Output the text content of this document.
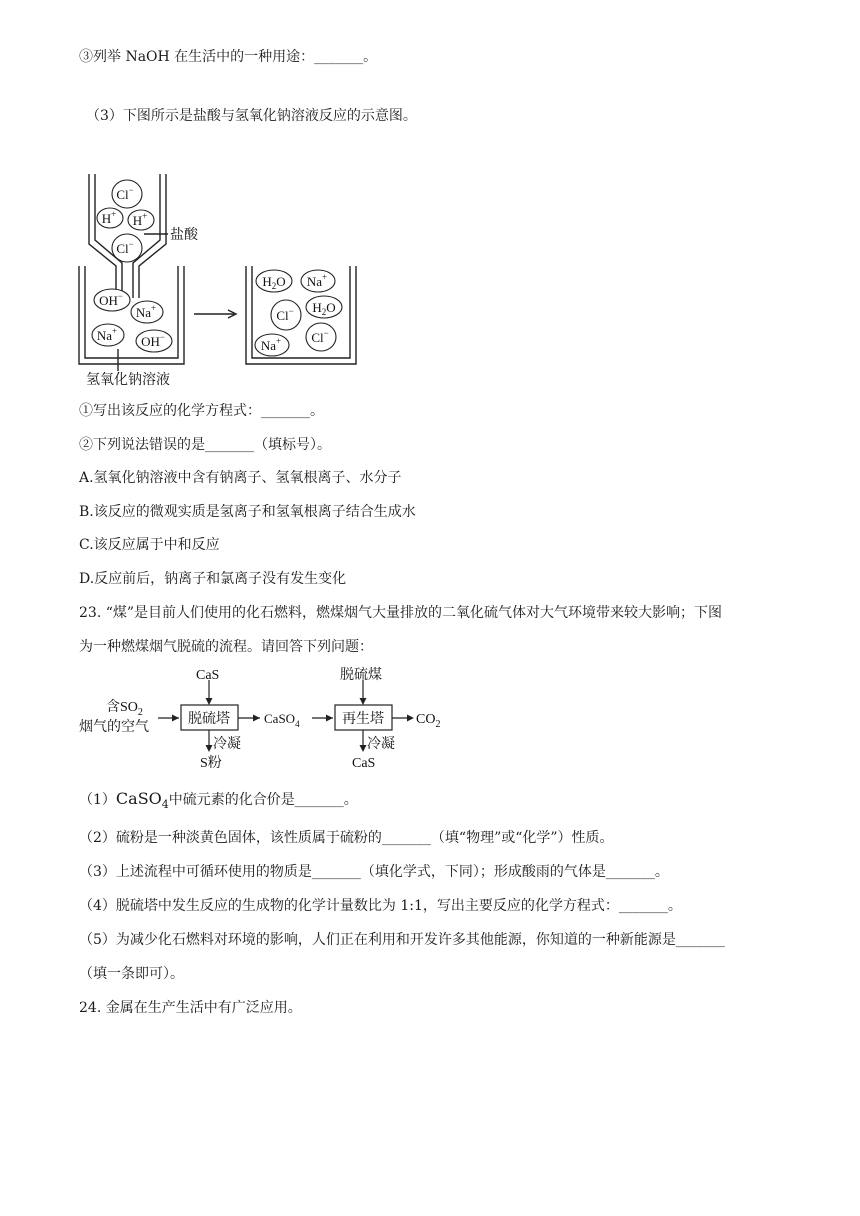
③列举 NaOH 在生活中的一种用途：_______。
（3）下图所示是盐酸与氢氧化钠溶液反应的示意图。
Cl−
H+ H+
Cl−
OH−
Na+
Na+
OH−
$H_2O$ Na+
Cl− $H_2O$
Cl−
Na+
盐酸
氢氧化钠溶液
①写出该反应的化学方程式：_______。
②下列说法错误的是_______（填标号）。
A.氢氧化钠溶液中含有钠离子、氢氧根离子、水分子
B.该反应的微观实质是氢离子和氢氧根离子结合生成水
C.该反应属于中和反应
D.反应前后，钠离子和氯离子没有发生变化
23. “煤”是目前人们使用的化石燃料，燃煤烟气大量排放的二氧化硫气体对大气环境带来较大影响；下图
为一种燃煤烟气脱硫的流程。请回答下列问题：
CaS	脱硫煤
含$SO_2$
烟气的空气
脱硫塔	CaSO$_4$	再生塔 $CO_2$
冷凝	冷凝
S粉	CaS
（1）CaSO$_4$中硫元素的化合价是_______。
（2）硫粉是一种淡黄色固体，该性质属于硫粉的_______（填“物理”或“化学”）性质。
（3）上述流程中可循环使用的物质是_______（填化学式，下同）；形成酸雨的气体是_______。
（4）脱硫塔中发生反应的生成物的化学计量数比为 1:1，写出主要反应的化学方程式：_______。
（5）为减少化石燃料对环境的影响，人们正在利用和开发许多其他能源，你知道的一种新能源是_______
（填一条即可）。
24. 金属在生产生活中有广泛应用。
